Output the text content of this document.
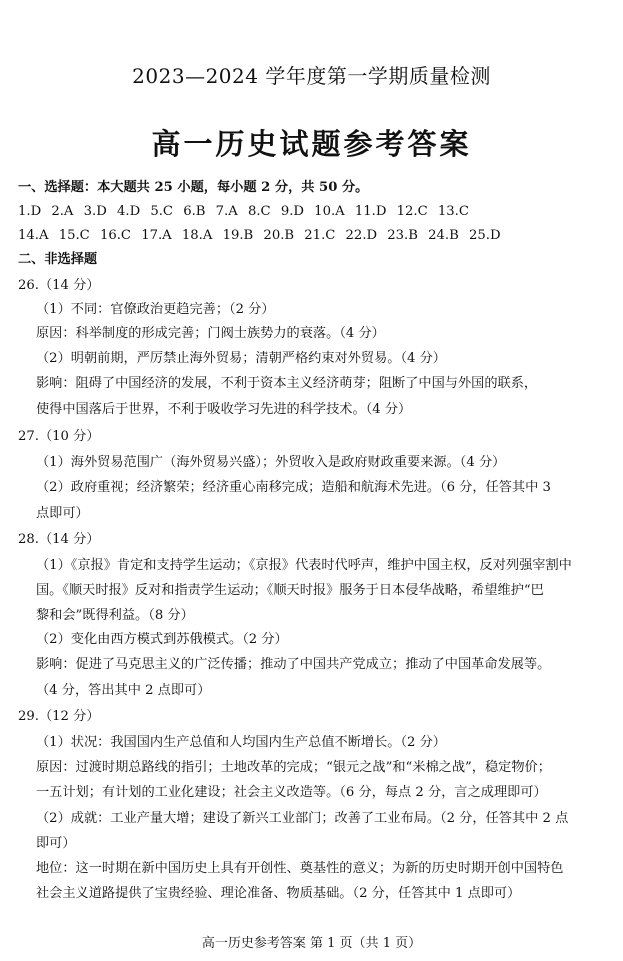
2023—2024 学年度第一学期质量检测
高一历史试题参考答案
一、选择题：本大题共 25 小题，每小题 2 分，共 50 分。
1.D 2.A 3.D 4.D 5.C 6.B 7.A 8.C 9.D 10.A 11.D 12.C 13.C
14.A 15.C 16.C 17.A 18.A 19.B 20.B 21.C 22.D 23.B 24.B 25.D
二、非选择题
26.（14 分）
（1）不同：官僚政治更趋完善；（2 分）
原因：科举制度的形成完善；门阀士族势力的衰落。（4 分）
（2）明朝前期，严厉禁止海外贸易；清朝严格约束对外贸易。（4 分）
影响：阻碍了中国经济的发展，不利于资本主义经济萌芽；阻断了中国与外国的联系，
使得中国落后于世界，不利于吸收学习先进的科学技术。（4 分）
27.（10 分）
（1）海外贸易范围广（海外贸易兴盛）；外贸收入是政府财政重要来源。（4 分）
（2）政府重视；经济繁荣；经济重心南移完成；造船和航海术先进。（6 分，任答其中 3
点即可）
28.（14 分）
（1）《京报》肯定和支持学生运动；《京报》代表时代呼声，维护中国主权，反对列强宰割中
国。《顺天时报》反对和指责学生运动；《顺天时报》服务于日本侵华战略，希望维护“巴
黎和会”既得利益。（8 分）
（2）变化由西方模式到苏俄模式。（2 分）
影响：促进了马克思主义的广泛传播；推动了中国共产党成立；推动了中国革命发展等。
（4 分，答出其中 2 点即可）
29.（12 分）
（1）状况：我国国内生产总值和人均国内生产总值不断增长。（2 分）
原因：过渡时期总路线的指引；土地改革的完成；“银元之战”和“米棉之战”，稳定物价；
一五计划；有计划的工业化建设；社会主义改造等。（6 分，每点 2 分，言之成理即可）
（2）成就：工业产量大增；建设了新兴工业部门；改善了工业布局。（2 分，任答其中 2 点
即可）
地位：这一时期在新中国历史上具有开创性、奠基性的意义；为新的历史时期开创中国特色
社会主义道路提供了宝贵经验、理论准备、物质基础。（2 分，任答其中 1 点即可）
高一历史参考答案 第 1 页（共 1 页）
